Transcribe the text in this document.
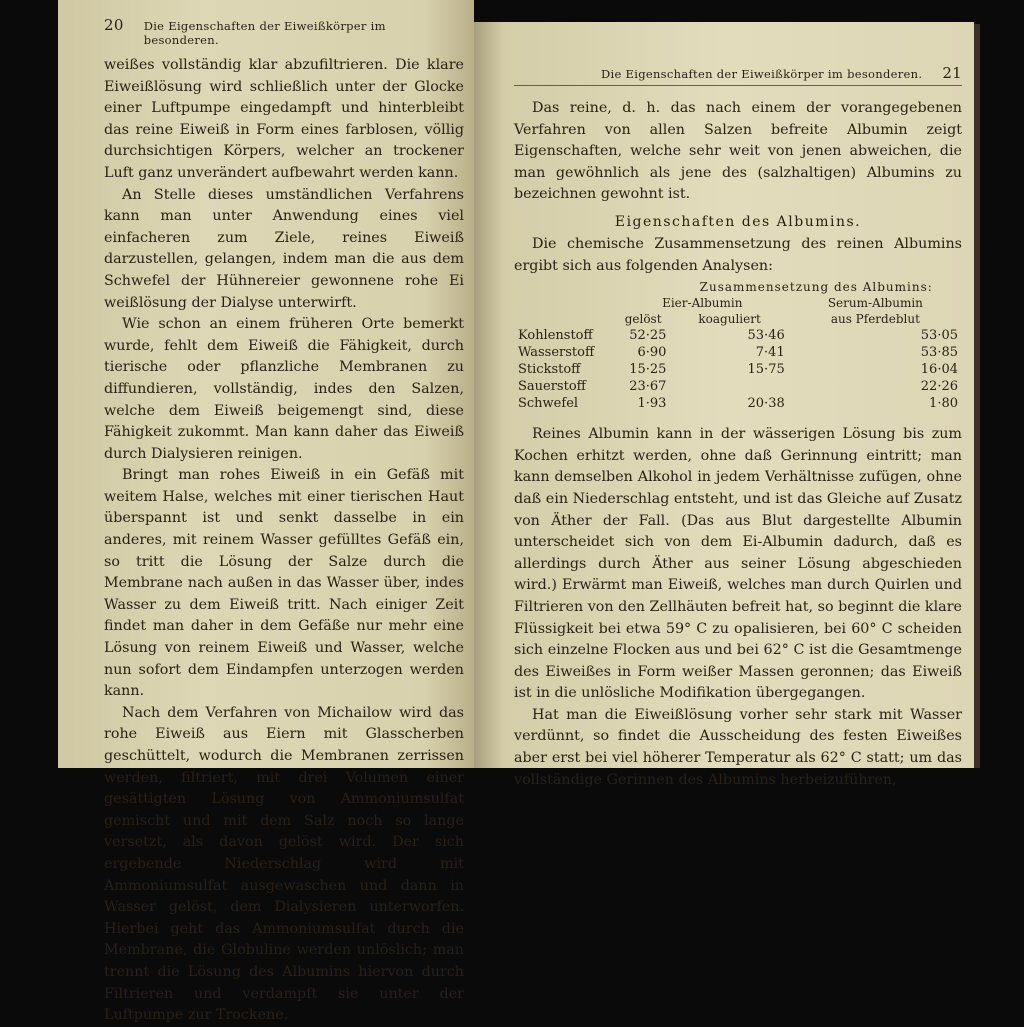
20 Die Eigenschaften der Eiweißkörper im besonderen.

weißes vollständig klar abzufiltrieren. Die klare Eiweißlösung wird schließlich unter der Glocke einer Luftpumpe eingedampft und hinterbleibt das reine Eiweiß in Form eines farblosen, völlig durchsichtigen Körpers, welcher an trockener Luft ganz unverändert aufbewahrt werden kann.

An Stelle dieses umständlichen Verfahrens kann man unter Anwendung eines viel einfacheren zum Ziele, reines Eiweiß darzustellen, gelangen, indem man die aus dem Schwefel der Hühnereier gewonnene rohe Ei weißlösung der Dialyse unterwirft.

Wie schon an einem früheren Orte bemerkt wurde, fehlt dem Eiweiß die Fähigkeit, durch tierische oder pflanzliche Membranen zu diffundieren, vollständig, indes den Salzen, welche dem Eiweiß beigemengt sind, diese Fähigkeit zukommt. Man kann daher das Eiweiß durch Dialysieren reinigen.

Bringt man rohes Eiweiß in ein Gefäß mit weitem Halse, welches mit einer tierischen Haut überspannt ist und senkt dasselbe in ein anderes, mit reinem Wasser gefülltes Gefäß ein, so tritt die Lösung der Salze durch die Membrane nach außen in das Wasser über, indes Wasser zu dem Eiweiß tritt. Nach einiger Zeit findet man daher in dem Gefäße nur mehr eine Lösung von reinem Eiweiß und Wasser, welche nun sofort dem Eindampfen unterzogen werden kann.

Nach dem Verfahren von Michailow wird das rohe Eiweiß aus Eiern mit Glasscherben geschüttelt, wodurch die Membranen zerrissen werden, filtriert, mit drei Volumen einer gesättigten Lösung von Ammoniumsulfat gemischt und mit dem Salz noch so lange versetzt, als davon gelöst wird. Der sich ergebende Niederschlag wird mit Ammoniumsulfat ausgewaschen und dann in Wasser gelöst, dem Dialysieren unterworfen. Hierbei geht das Ammoniumsulfat durch die Membrane, die Globuline werden unlöslich; man trennt die Lösung des Albumins hiervon durch Filtrieren und verdampft sie unter der Luftpumpe zur Trockene.

Die Eigenschaften der Eiweißkörper im besonderen. 21

Das reine, d. h. das nach einem der vorangegebenen Verfahren von allen Salzen befreite Albumin zeigt Eigenschaften, welche sehr weit von jenen abweichen, die man gewöhnlich als jene des (salzhaltigen) Albumins zu bezeichnen gewohnt ist.

Eigenschaften des Albumins.

Die chemische Zusammensetzung des reinen Albumins ergibt sich aus folgenden Analysen:

		Zusammensetzung des Albumins:	
	Eier-Albumin		Serum-Albumin
	gelöst	koaguliert	aus Pferdeblut
Kohlenstoff	52·25	53·46	53·05
Wasserstoff	6·90	7·41	53·85
Stickstoff	15·25	15·75	16·04
Sauerstoff	23·67		22·26
Schwefel	1·93	20·38	1·80

Reines Albumin kann in der wässerigen Lösung bis zum Kochen erhitzt werden, ohne daß Gerinnung eintritt; man kann demselben Alkohol in jedem Verhältnisse zufügen, ohne daß ein Niederschlag entsteht, und ist das Gleiche auf Zusatz von Äther der Fall. (Das aus Blut dargestellte Albumin unterscheidet sich von dem Ei-Albumin dadurch, daß es allerdings durch Äther aus seiner Lösung abgeschieden wird.) Erwärmt man Eiweiß, welches man durch Quirlen und Filtrieren von den Zellhäuten befreit hat, so beginnt die klare Flüssigkeit bei etwa 59° C zu opalisieren, bei 60° C scheiden sich einzelne Flocken aus und bei 62° C ist die Gesamtmenge des Eiweißes in Form weißer Massen geronnen; das Eiweiß ist in die unlösliche Modifikation übergegangen.

Hat man die Eiweißlösung vorher sehr stark mit Wasser verdünnt, so findet die Ausscheidung des festen Eiweißes aber erst bei viel höherer Temperatur als 62° C statt; um das vollständige Gerinnen des Albumins herbeizuführen,
